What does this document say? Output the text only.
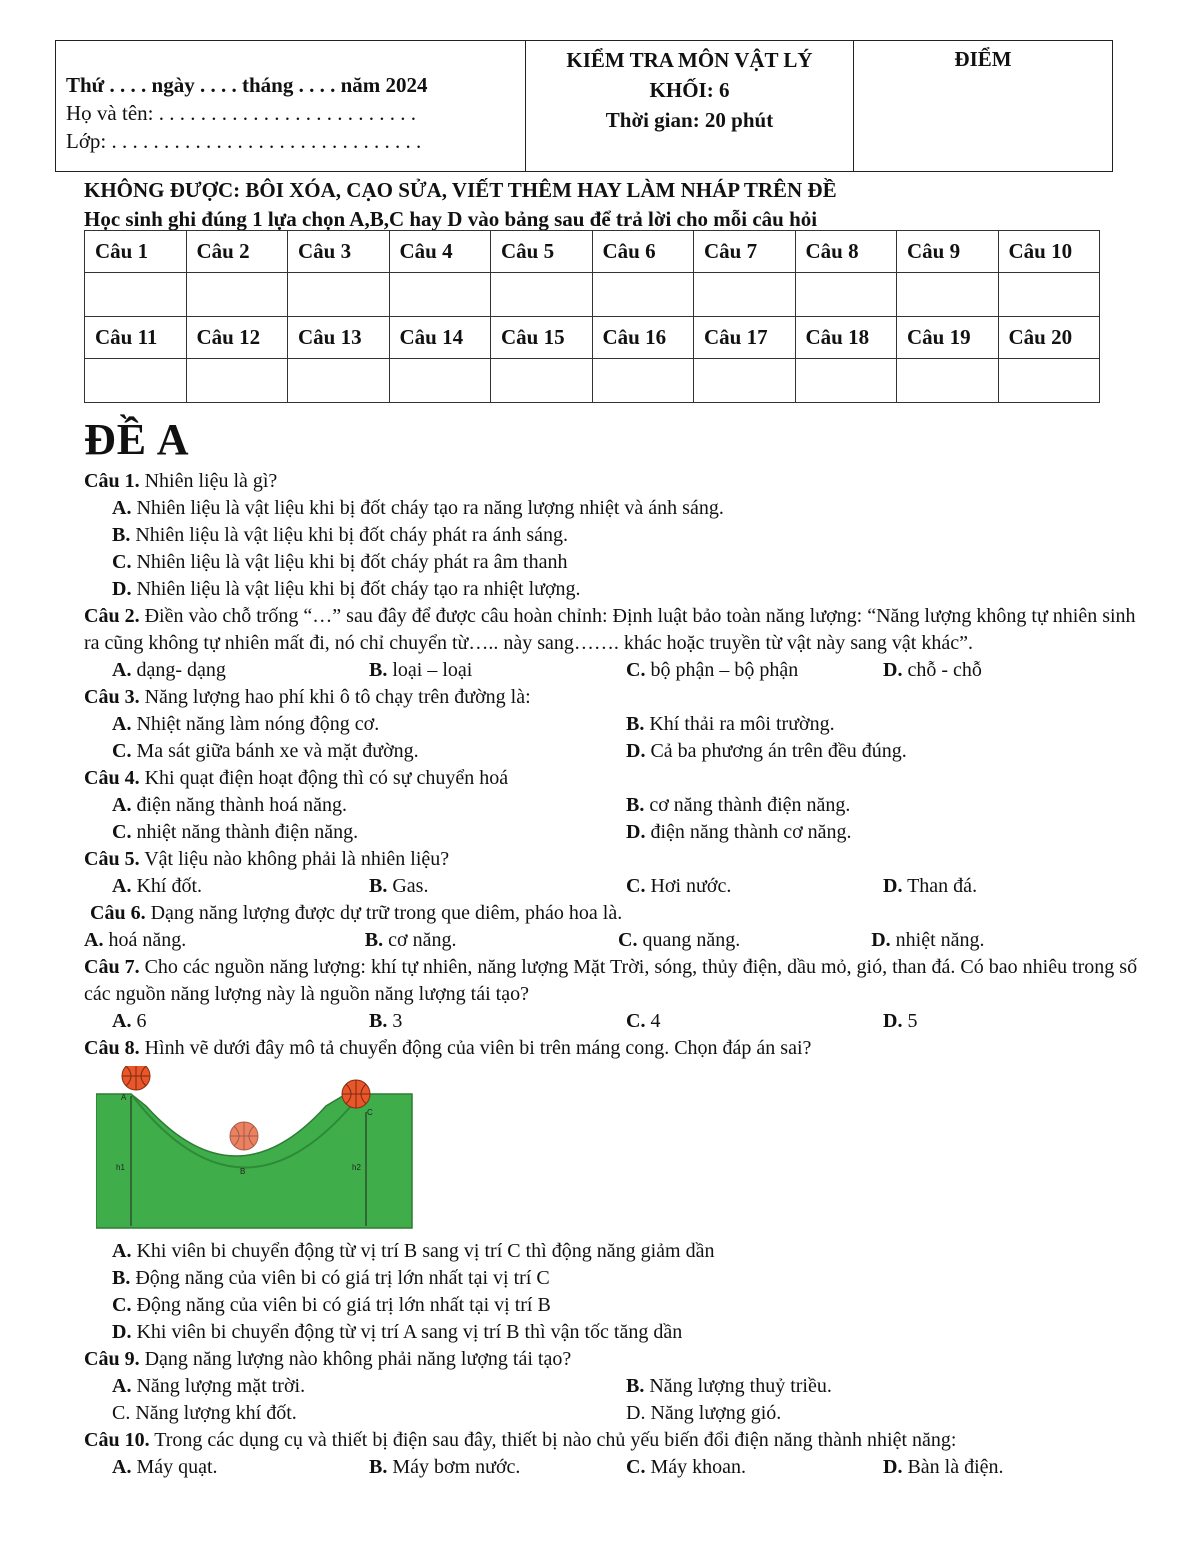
Thứ . . . . ngày . . . . tháng . . . . năm 2024
Họ và tên: . . . . . . . . . . . . . . . . . . . . . . . . .
Lớp: . . . . . . . . . . . . . . . . . . . . . . . . . . . . . .
KIỂM TRA MÔN VẬT LÝ
KHỐI: 6
Thời gian: 20 phút
ĐIỂM
KHÔNG ĐƯỢC: BÔI XÓA, CẠO SỬA, VIẾT THÊM HAY LÀM NHÁP TRÊN ĐỀ
Học sinh ghi đúng 1 lựa chọn A,B,C hay D vào bảng sau để trả lời cho mỗi câu hỏi
Câu 1	Câu 2	Câu 3	Câu 4	Câu 5	Câu 6	Câu 7	Câu 8	Câu 9	Câu 10

Câu 11	Câu 12	Câu 13	Câu 14	Câu 15	Câu 16	Câu 17	Câu 18	Câu 19	Câu 20

ĐỀ A

Câu 1. Nhiên liệu là gì?

A. Nhiên liệu là vật liệu khi bị đốt cháy tạo ra năng lượng nhiệt và ánh sáng.

B. Nhiên liệu là vật liệu khi bị đốt cháy phát ra ánh sáng.

C. Nhiên liệu là vật liệu khi bị đốt cháy phát ra âm thanh

D. Nhiên liệu là vật liệu khi bị đốt cháy tạo ra nhiệt lượng.

Câu 2. Điền vào chỗ trống “…” sau đây để được câu hoàn chỉnh: Định luật bảo toàn năng lượng: “Năng lượng không tự nhiên sinh ra cũng không tự nhiên mất đi, nó chỉ chuyển từ….. này sang……. khác hoặc truyền từ vật này sang vật khác”.

A. dạng- dạng	B. loại – loại	C. bộ phận – bộ phận	D. chỗ - chỗ

Câu 3. Năng lượng hao phí khi ô tô chạy trên đường là:

A. Nhiệt năng làm nóng động cơ.	B. Khí thải ra môi trường.
C. Ma sát giữa bánh xe và mặt đường.	D. Cả ba phương án trên đều đúng.

Câu 4. Khi quạt điện hoạt động thì có sự chuyển hoá

A. điện năng thành hoá năng.	B. cơ năng thành điện năng.
C. nhiệt năng thành điện năng.	D. điện năng thành cơ năng.

Câu 5. Vật liệu nào không phải là nhiên liệu?

A. Khí đốt.	B. Gas.	C. Hơi nước.	D. Than đá.

Câu 6. Dạng năng lượng được dự trữ trong que diêm, pháo hoa là.

A. hoá năng.	B. cơ năng.	C. quang năng.	D. nhiệt năng.

Câu 7. Cho các nguồn năng lượng: khí tự nhiên, năng lượng Mặt Trời, sóng, thủy điện, dầu mỏ, gió, than đá. Có bao nhiêu trong số các nguồn năng lượng này là nguồn năng lượng tái tạo?

A. 6	B. 3	C. 4	D. 5

Câu 8. Hình vẽ dưới đây mô tả chuyển động của viên bi trên máng cong. Chọn đáp án sai?

h1	h2
A
B
C

A. Khi viên bi chuyển động từ vị trí B sang vị trí C thì động năng giảm dần

B. Động năng của viên bi có giá trị lớn nhất tại vị trí C

C. Động năng của viên bi có giá trị lớn nhất tại vị trí B

D. Khi viên bi chuyển động từ vị trí A sang vị trí B thì vận tốc tăng dần

Câu 9. Dạng năng lượng nào không phải năng lượng tái tạo?

A. Năng lượng mặt trời.	B. Năng lượng thuỷ triều.
C. Năng lượng khí đốt.	D. Năng lượng gió.

Câu 10. Trong các dụng cụ và thiết bị điện sau đây, thiết bị nào chủ yếu biến đổi điện năng thành nhiệt năng:

A. Máy quạt.	B. Máy bơm nước.	C. Máy khoan.	D. Bàn là điện.
